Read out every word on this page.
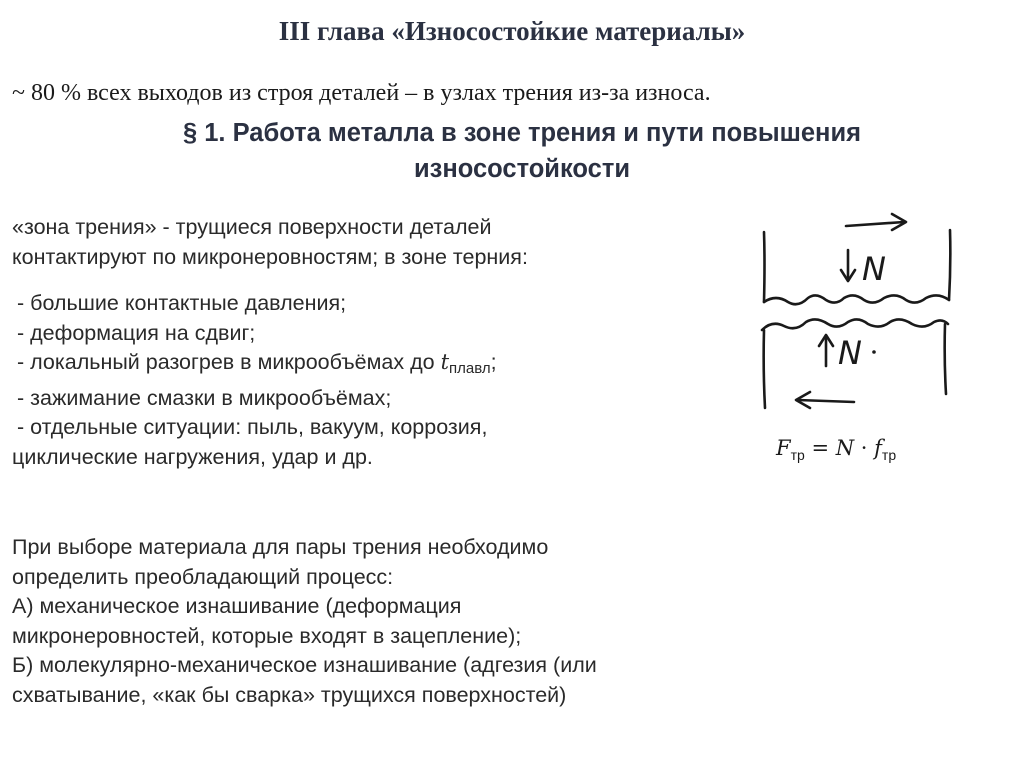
III глава «Износостойкие материалы»
~ 80 % всех выходов из строя деталей – в узлах трения из-за износа.
§ 1. Работа металла в зоне трения и пути повышения
износостойкости
«зона трения» - трущиеся поверхности деталей
контактируют по микронеровностям; в зоне терния:
- большие контактные давления;
- деформация на сдвиг;
- локальный разогрев в микрообъёмах до $t_{плавл}$;
- зажимание смазки в микрообъёмах;
- отдельные ситуации: пыль, вакуум, коррозия,
циклические нагружения, удар и др.
При выборе материала для пары трения необходимо
определить преобладающий процесс:
А) механическое изнашивание (деформация
микронеровностей, которые входят в зацепление);
Б) молекулярно-механическое изнашивание (адгезия (или
схватывание, «как бы сварка» трущихся поверхностей)
N
N
$F_{тр} = N \cdot f_{тр}$
